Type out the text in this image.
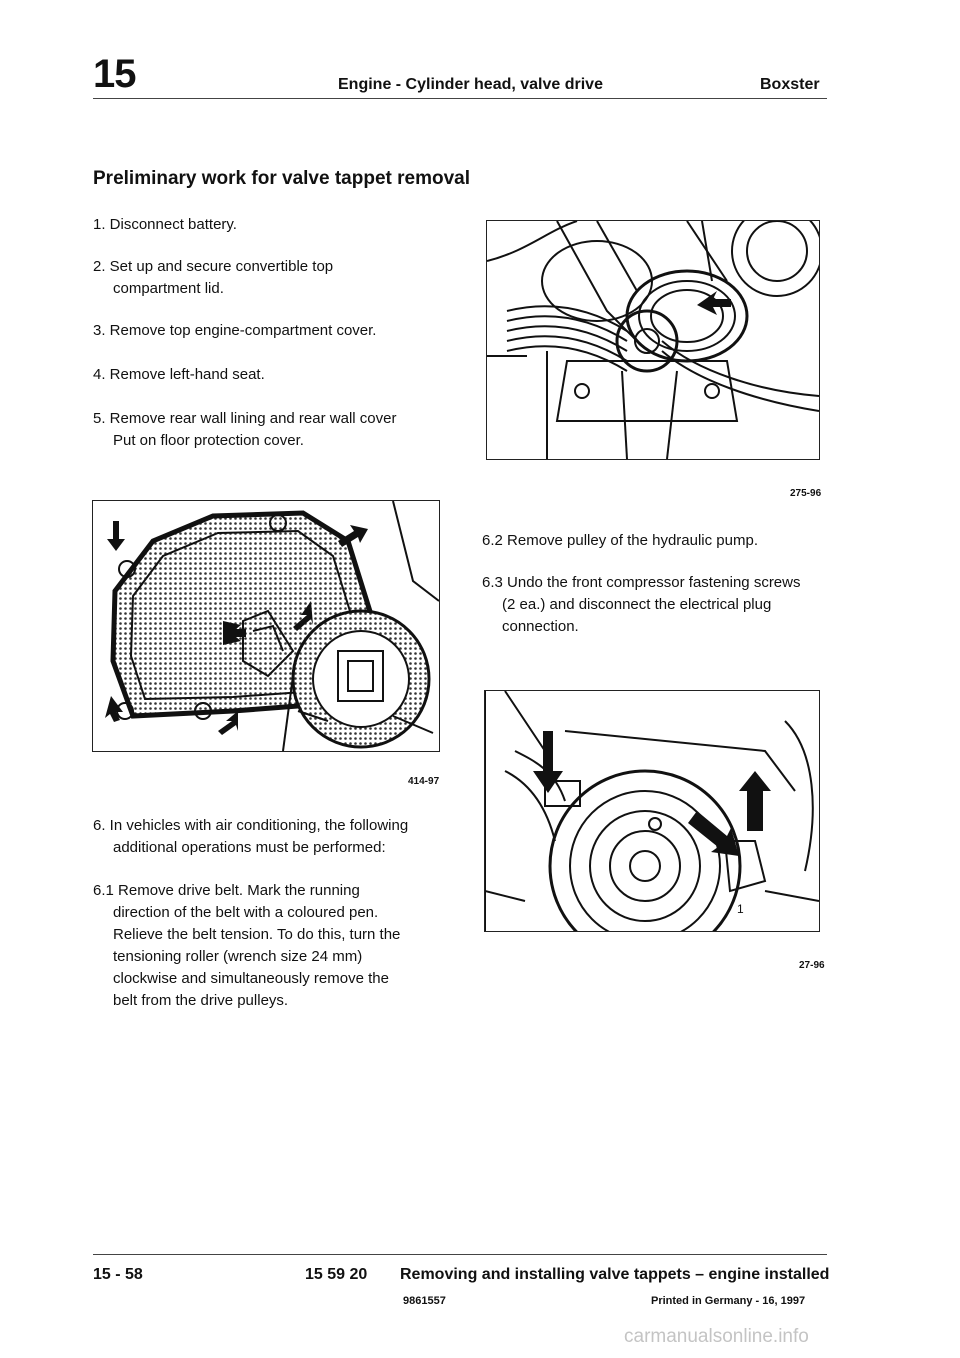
15	Engine - Cylinder head, valve drive	Boxster
Preliminary work for valve tappet removal
1. Disconnect battery.
2. Set up and secure convertible top
compartment lid.
3. Remove top engine-compartment cover.
4. Remove left-hand seat.
5. Remove rear wall lining and rear wall cover
Put on floor protection cover.
275-96
6.2 Remove pulley of the hydraulic pump.
6.3 Undo the front compressor fastening screws
(2 ea.) and disconnect the electrical plug
connection.
414-97
1
27-96
6. In vehicles with air conditioning, the following
additional operations must be performed:
6.1 Remove drive belt. Mark the running
direction of the belt with a coloured pen.
Relieve the belt tension. To do this, turn the
tensioning roller (wrench size 24 mm)
clockwise and simultaneously remove the
belt from the drive pulleys.
15 - 58	15 59 20 Removing and installing valve tappets – engine installed
9861557	Printed in Germany - 16, 1997
carmanualsonline.info
